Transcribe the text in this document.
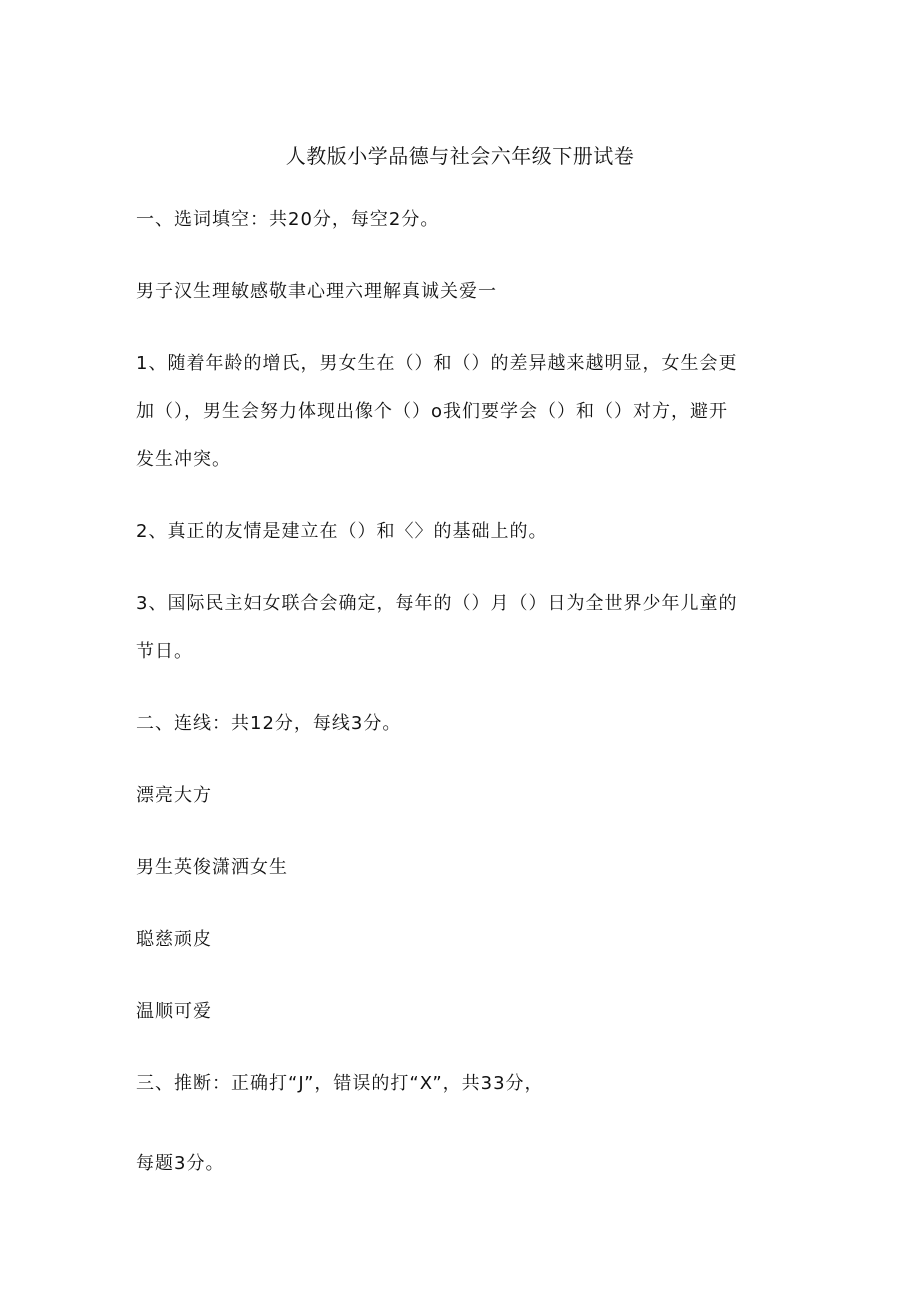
人教版小学品德与社会六年级下册试卷
一、选词填空：共20分，每空2分。
男子汉生理敏感敬聿心理六理解真诚关爱一
1、随着年龄的增氏，男女生在（）和（）的差异越来越明显，女生会更
加（），男生会努力体现出像个（）o我们要学会（）和（）对方，避开
发生冲突。
2、真正的友情是建立在（）和〈〉的基础上的。
3、国际民主妇女联合会确定，每年的（）月（）日为全世界少年儿童的
节日。
二、连线：共12分，每线3分。
漂亮大方
男生英俊潇洒女生
聪慈顽皮
温顺可爱
三、推断：正确打“J”，错误的打“X”，共33分，
每题3分。
